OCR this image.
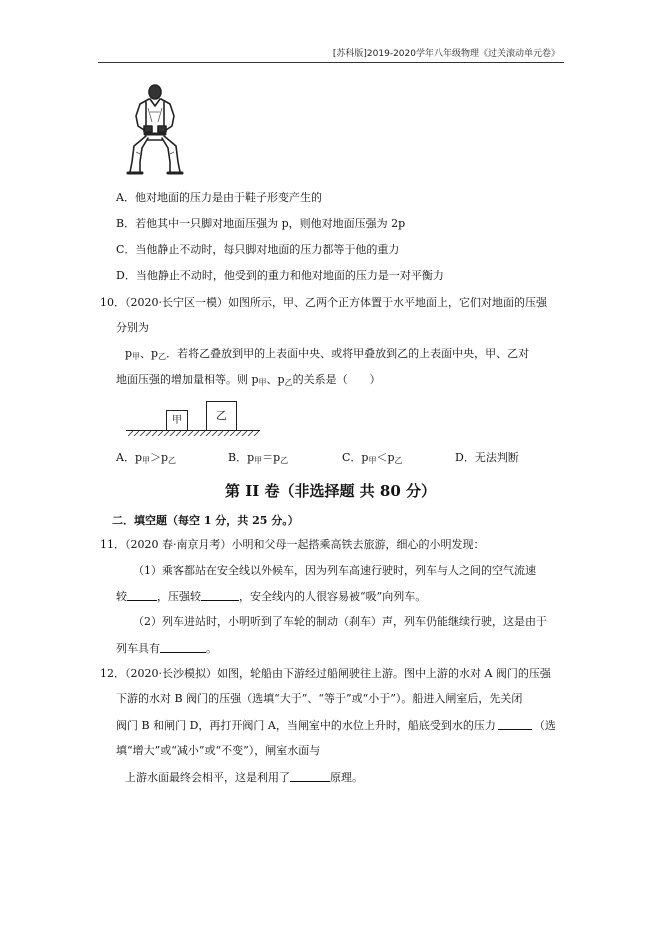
[苏科版]2019-2020学年八年级物理《过关滚动单元卷》
A．他对地面的压力是由于鞋子形变产生的
B．若他其中一只脚对地面压强为 p，则他对地面压强为 2p
C．当他静止不动时，每只脚对地面的压力都等于他的重力
D．当他静止不动时，他受到的重力和他对地面的压力是一对平衡力
10．（2020·长宁区一模）如图所示，甲、乙两个正方体置于水平地面上，它们对地面的压强
分别为
$p_甲$、$p_乙$．若将乙叠放到甲的上表面中央、或将甲叠放到乙的上表面中央，甲、乙对
地面压强的增加量相等。则 $p_甲$、$p_乙$的关系是（　　）
甲	乙
A．$p_甲>p_乙$	B．$p_甲=p_乙$	C．$p_甲<p_乙$	D．无法判断
第 II 卷（非选择题 共 80 分）
二．填空题（每空 1 分，共 25 分。）
11．（2020 春·南京月考）小明和父母一起搭乘高铁去旅游，细心的小明发现：
（1）乘客都站在安全线以外候车，因为列车高速行驶时，列车与人之间的空气流速
较	，压强较	，安全线内的人很容易被“吸”向列车。
（2）列车进站时，小明听到了车轮的制动（刹车）声，列车仍能继续行驶，这是由于
列车具有	。
12．（2020·长沙模拟）如图，轮船由下游经过船闸驶往上游。图中上游的水对 A 阀门的压强
下游的水对 B 阀门的压强（选填“大于”、“等于”或“小于”）。船进入闸室后，先关闭
阀门 B 和闸门 D，再打开阀门 A，当闸室中的水位上升时，船底受到水的压力	（选
填“增大”或“减小”或“不变”），闸室水面与
上游水面最终会相平，这是利用了	原理。
